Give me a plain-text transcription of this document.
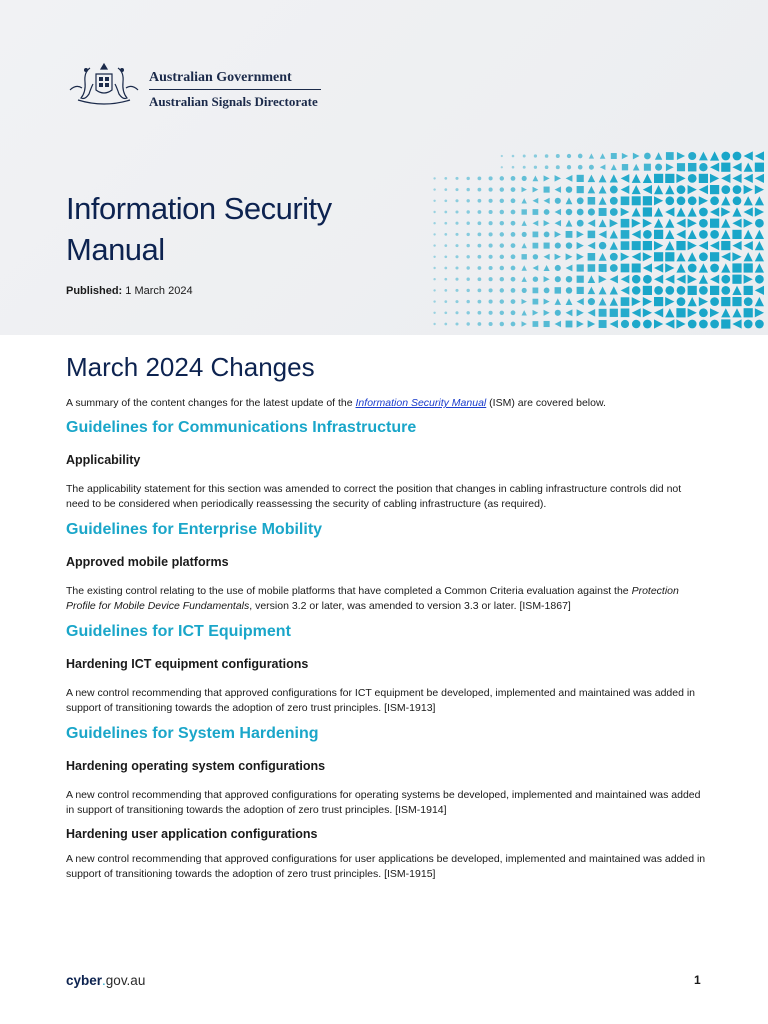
Australian Government
Australian Signals Directorate
Information Security Manual
Published: 1 March 2024
March 2024 Changes

A summary of the content changes for the latest update of the Information Security Manual (ISM) are covered below.

Guidelines for Communications Infrastructure
Applicability

The applicability statement for this section was amended to correct the position that changes in cabling infrastructure controls did not need to be considered when periodically reassessing the security of cabling infrastructure (as required).

Guidelines for Enterprise Mobility
Approved mobile platforms

The existing control relating to the use of mobile platforms that have completed a Common Criteria evaluation against the Protection Profile for Mobile Device Fundamentals, version 3.2 or later, was amended to version 3.3 or later. [ISM-1867]

Guidelines for ICT Equipment
Hardening ICT equipment configurations

A new control recommending that approved configurations for ICT equipment be developed, implemented and maintained was added in support of transitioning towards the adoption of zero trust principles. [ISM-1913]

Guidelines for System Hardening
Hardening operating system configurations

A new control recommending that approved configurations for operating systems be developed, implemented and maintained was added in support of transitioning towards the adoption of zero trust principles. [ISM-1914]

Hardening user application configurations

A new control recommending that approved configurations for user applications be developed, implemented and maintained was added in support of transitioning towards the adoption of zero trust principles. [ISM-1915]

cyber.gov.au	1
